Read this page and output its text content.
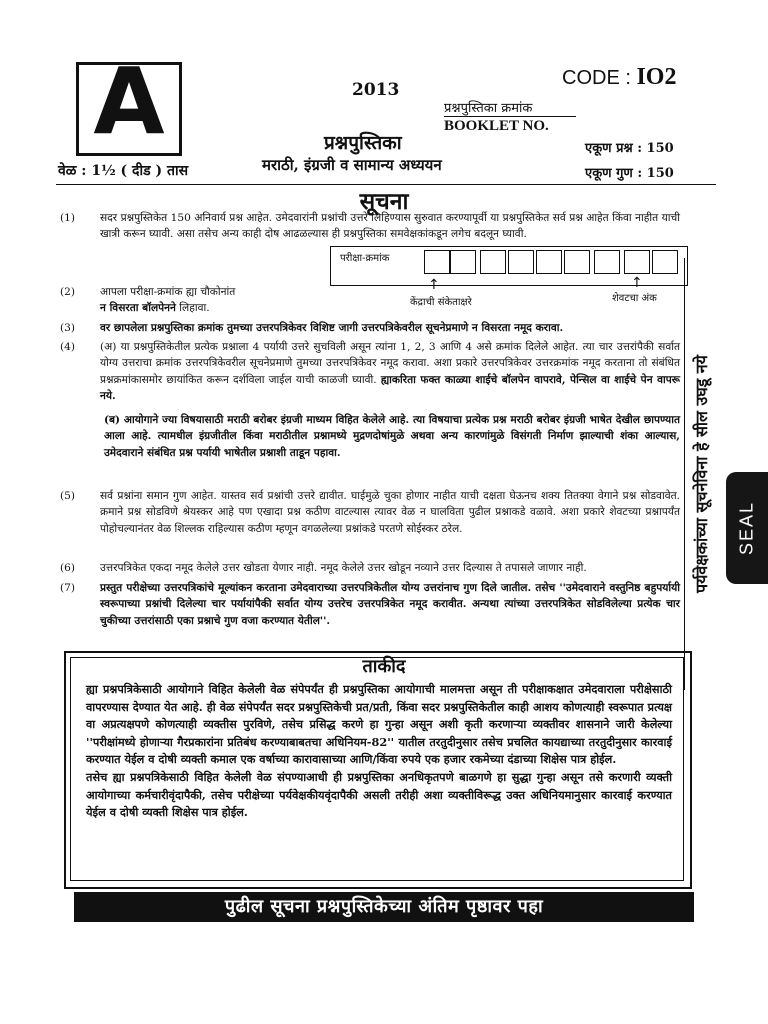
A	2013
CODE : IO2
प्रश्नपुस्तिका क्रमांक
BOOKLET NO.
प्रश्नपुस्तिका
मराठी, इंग्रजी व सामान्य अध्ययन
वेळ : 1½ ( दीड ) तास
एकूण प्रश्न : 150
एकूण गुण : 150
सूचना
(1) सदर प्रश्नपुस्तिकेत 150 अनिवार्य प्रश्न आहेत. उमेदवारांनी प्रश्नांची उत्तरे लिहिण्यास सुरुवात करण्यापूर्वी या प्रश्नपुस्तिकेत सर्व प्रश्न आहेत किंवा नाहीत याची खात्री करून घ्यावी. असा तसेच अन्य काही दोष आढळल्यास ही प्रश्नपुस्तिका समवेक्षकांकडून लगेच बदलून घ्यावी.
(2) आपला परीक्षा-क्रमांक ह्या चौकोनांत
न विसरता बॉलपेनने लिहावा.
परीक्षा-क्रमांक
↑	↑
केंद्राची संकेताक्षरे	शेवटचा अंक
(3) वर छापलेला प्रश्नपुस्तिका क्रमांक तुमच्या उत्तरपत्रिकेवर विशिष्ट जागी उत्तरपत्रिकेवरील सूचनेप्रमाणे न विसरता नमूद करावा.
(4) (अ) या प्रश्नपुस्तिकेतील प्रत्येक प्रश्नाला 4 पर्यायी उत्तरे सुचविली असून त्यांना 1, 2, 3 आणि 4 असे क्रमांक दिलेले आहेत. त्या चार उत्तरांपैकी सर्वात योग्य उत्तराचा क्रमांक उत्तरपत्रिकेवरील सूचनेप्रमाणे तुमच्या उत्तरपत्रिकेवर नमूद करावा. अशा प्रकारे उत्तरपत्रिकेवर उत्तरक्रमांक नमूद करताना तो संबंधित प्रश्नक्रमांकासमोर छायांकित करून दर्शविला जाईल याची काळजी घ्यावी. ह्याकरिता फक्त काळ्या शाईचे बॉलपेन वापरावे, पेन्सिल वा शाईचे पेन वापरू नये.
(ब) आयोगाने ज्या विषयासाठी मराठी बरोबर इंग्रजी माध्यम विहित केलेले आहे. त्या विषयाचा प्रत्येक प्रश्न मराठी बरोबर इंग्रजी भाषेत देखील छापण्यात आला आहे. त्यामधील इंग्रजीतील किंवा मराठीतील प्रश्नामध्ये मुद्रणदोषांमुळे अथवा अन्य कारणांमुळे विसंगती निर्माण झाल्याची शंका आल्यास, उमेदवाराने संबंधित प्रश्न पर्यायी भाषेतील प्रश्नाशी ताडून पहावा.
(5) सर्व प्रश्नांना समान गुण आहेत. यास्तव सर्व प्रश्नांची उत्तरे द्यावीत. घाईमुळे चुका होणार नाहीत याची दक्षता घेऊनच शक्य तितक्या वेगाने प्रश्न सोडवावेत. क्रमाने प्रश्न सोडविणे श्रेयस्कर आहे पण एखादा प्रश्न कठीण वाटल्यास त्यावर वेळ न घालविता पुढील प्रश्नाकडे वळावे. अशा प्रकारे शेवटच्या प्रश्नापर्यंत पोहोचल्यानंतर वेळ शिल्लक राहिल्यास कठीण म्हणून वगळलेल्या प्रश्नांकडे परतणे सोईस्कर ठरेल.
(6) उत्तरपत्रिकेत एकदा नमूद केलेले उत्तर खोडता येणार नाही. नमूद केलेले उत्तर खोडून नव्याने उत्तर दिल्यास ते तपासले जाणार नाही.
(7) प्रस्तुत परीक्षेच्या उत्तरपत्रिकांचे मूल्यांकन करताना उमेदवाराच्या उत्तरपत्रिकेतील योग्य उत्तरांनाच गुण दिले जातील. तसेच ''उमेदवाराने वस्तुनिष्ठ बहुपर्यायी स्वरूपाच्या प्रश्नांची दिलेल्या चार पर्यायांपैकी सर्वात योग्य उत्तरेच उत्तरपत्रिकेत नमूद करावीत. अन्यथा त्यांच्या उत्तरपत्रिकेत सोडविलेल्या प्रत्येक चार चुकीच्या उत्तरांसाठी एका प्रश्नाचे गुण वजा करण्यात येतील''.
पर्यवेक्षकांच्या सूचनेविना हे सील उघडू नये SEAL
ताकीद
ह्या प्रश्नपत्रिकेसाठी आयोगाने विहित केलेली वेळ संपेपर्यंत ही प्रश्नपुस्तिका आयोगाची मालमत्ता असून ती परीक्षाकक्षात उमेदवाराला परीक्षेसाठी वापरण्यास देण्यात येत आहे. ही वेळ संपेपर्यंत सदर प्रश्नपुस्तिकेची प्रत/प्रती, किंवा सदर प्रश्नपुस्तिकेतील काही आशय कोणत्याही स्वरूपात प्रत्यक्ष वा अप्रत्यक्षपणे कोणत्याही व्यक्तीस पुरविणे, तसेच प्रसिद्ध करणे हा गुन्हा असून अशी कृती करणाऱ्या व्यक्तीवर शासनाने जारी केलेल्या ''परीक्षांमध्ये होणाऱ्या गैरप्रकारांना प्रतिबंध करण्याबाबतचा अधिनियम-82'' यातील तरतुदीनुसार तसेच प्रचलित कायद्याच्या तरतुदीनुसार कारवाई करण्यात येईल व दोषी व्यक्ती कमाल एक वर्षाच्या कारावासाच्या आणि/किंवा रुपये एक हजार रकमेच्या दंडाच्या शिक्षेस पात्र होईल.
तसेच ह्या प्रश्नपत्रिकेसाठी विहित केलेली वेळ संपण्याआधी ही प्रश्नपुस्तिका अनधिकृतपणे बाळगणे हा सुद्धा गुन्हा असून तसे करणारी व्यक्ती आयोगाच्या कर्मचारीवृंदापैकी, तसेच परीक्षेच्या पर्यवेक्षकीयवृंदापैकी असली तरीही अशा व्यक्तीविरूद्ध उक्त अधिनियमानुसार कारवाई करण्यात येईल व दोषी व्यक्ती शिक्षेस पात्र होईल.
पुढील सूचना प्रश्नपुस्तिकेच्या अंतिम पृष्ठावर पहा
